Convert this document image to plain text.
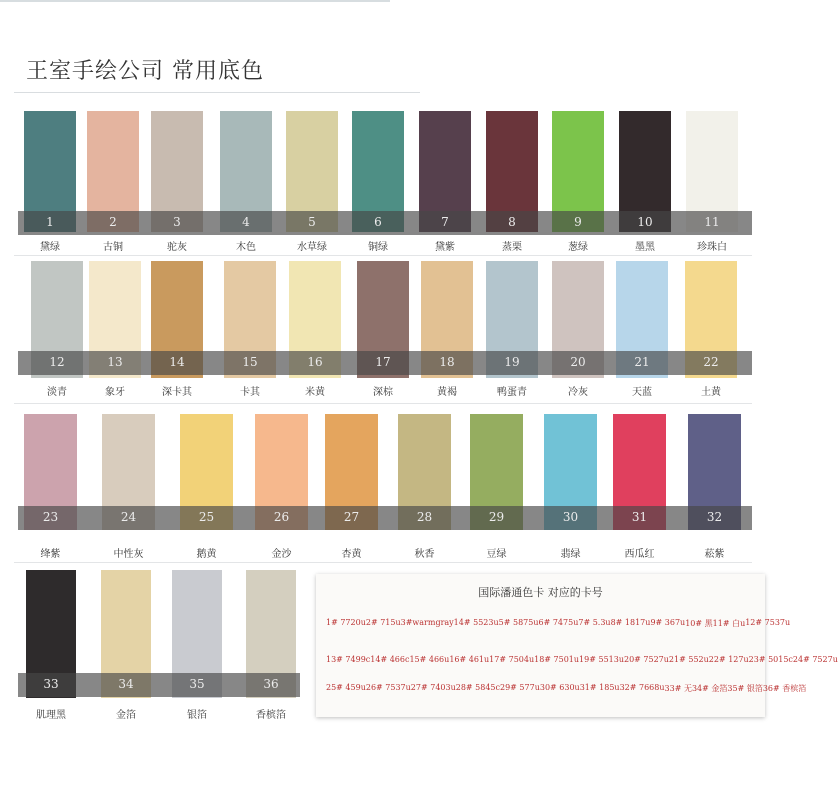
王室手绘公司 常用底色
1
黛绿
2
古铜
3
驼灰
4
木色
5
水草绿
6
铜绿
7
黛紫
8
蒸栗
9
葱绿
10
墨黑
11
珍珠白
12
淡青
13
象牙
14
深卡其
15
卡其
16
米黄
17
深棕
18
黄褐
19
鸭蛋青
20
冷灰
21
天蓝
22
土黄
23
绛紫
24
中性灰
25
鹅黄
26
金沙
27
杏黄
28
秋香
29
豆绿
30
翡绿
31
西瓜红
32
菘紫
33
肌理黑
34
金箔
35
银箔
36
香槟箔
国际潘通色卡 对应的卡号
1# 7720u 2# 715u 3#warmgray1 4# 5523u 5# 5875u 6# 7475u 7# 5.3u 8# 1817u 9# 367u 10# 黑 11# 白u 12# 7537u
13# 7499c 14# 466c 15# 466u 16# 461u 17# 7504u 18# 7501u 19# 5513u 20# 7527u 21# 552u 22# 127u 23# 5015c 24# 7527u
25# 459u 26# 7537u 27# 7403u 28# 5845c 29# 577u 30# 630u 31# 185u 32# 7668u 33# 无 34# 金箔 35# 银箔 36# 香槟箔
